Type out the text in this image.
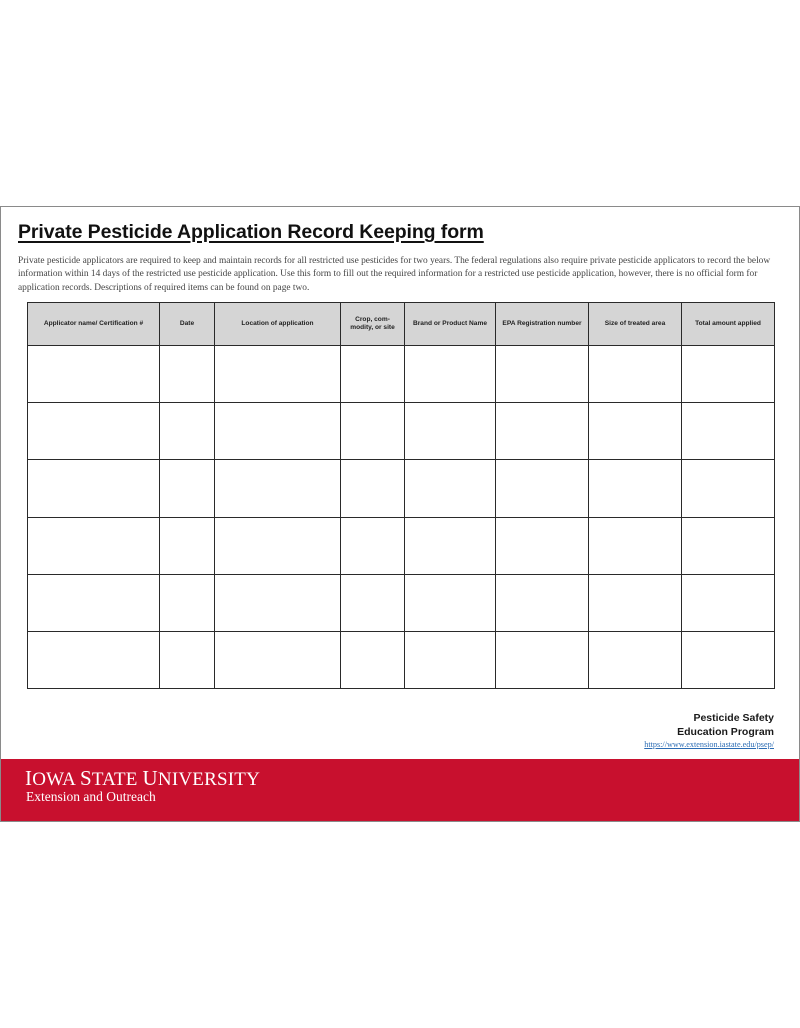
Private Pesticide Application Record Keeping form

Private pesticide applicators are required to keep and maintain records for all restricted use pesticides for two years. The federal regulations also require private pesticide applicators to record the below information within 14 days of the restricted use pesticide application. Use this form to fill out the required information for a restricted use pesticide application, however, there is no official form for application records. Descriptions of required items can be found on page two.

Applicator name/ Certification #	Date	Location of application	Crop, com-modity, or site	Brand or Product Name	EPA Registration number	Size of treated area	Total amount applied

Pesticide Safety
Education Program
https://www.extension.iastate.edu/psep/
IOWA STATE UNIVERSITY
Extension and Outreach
